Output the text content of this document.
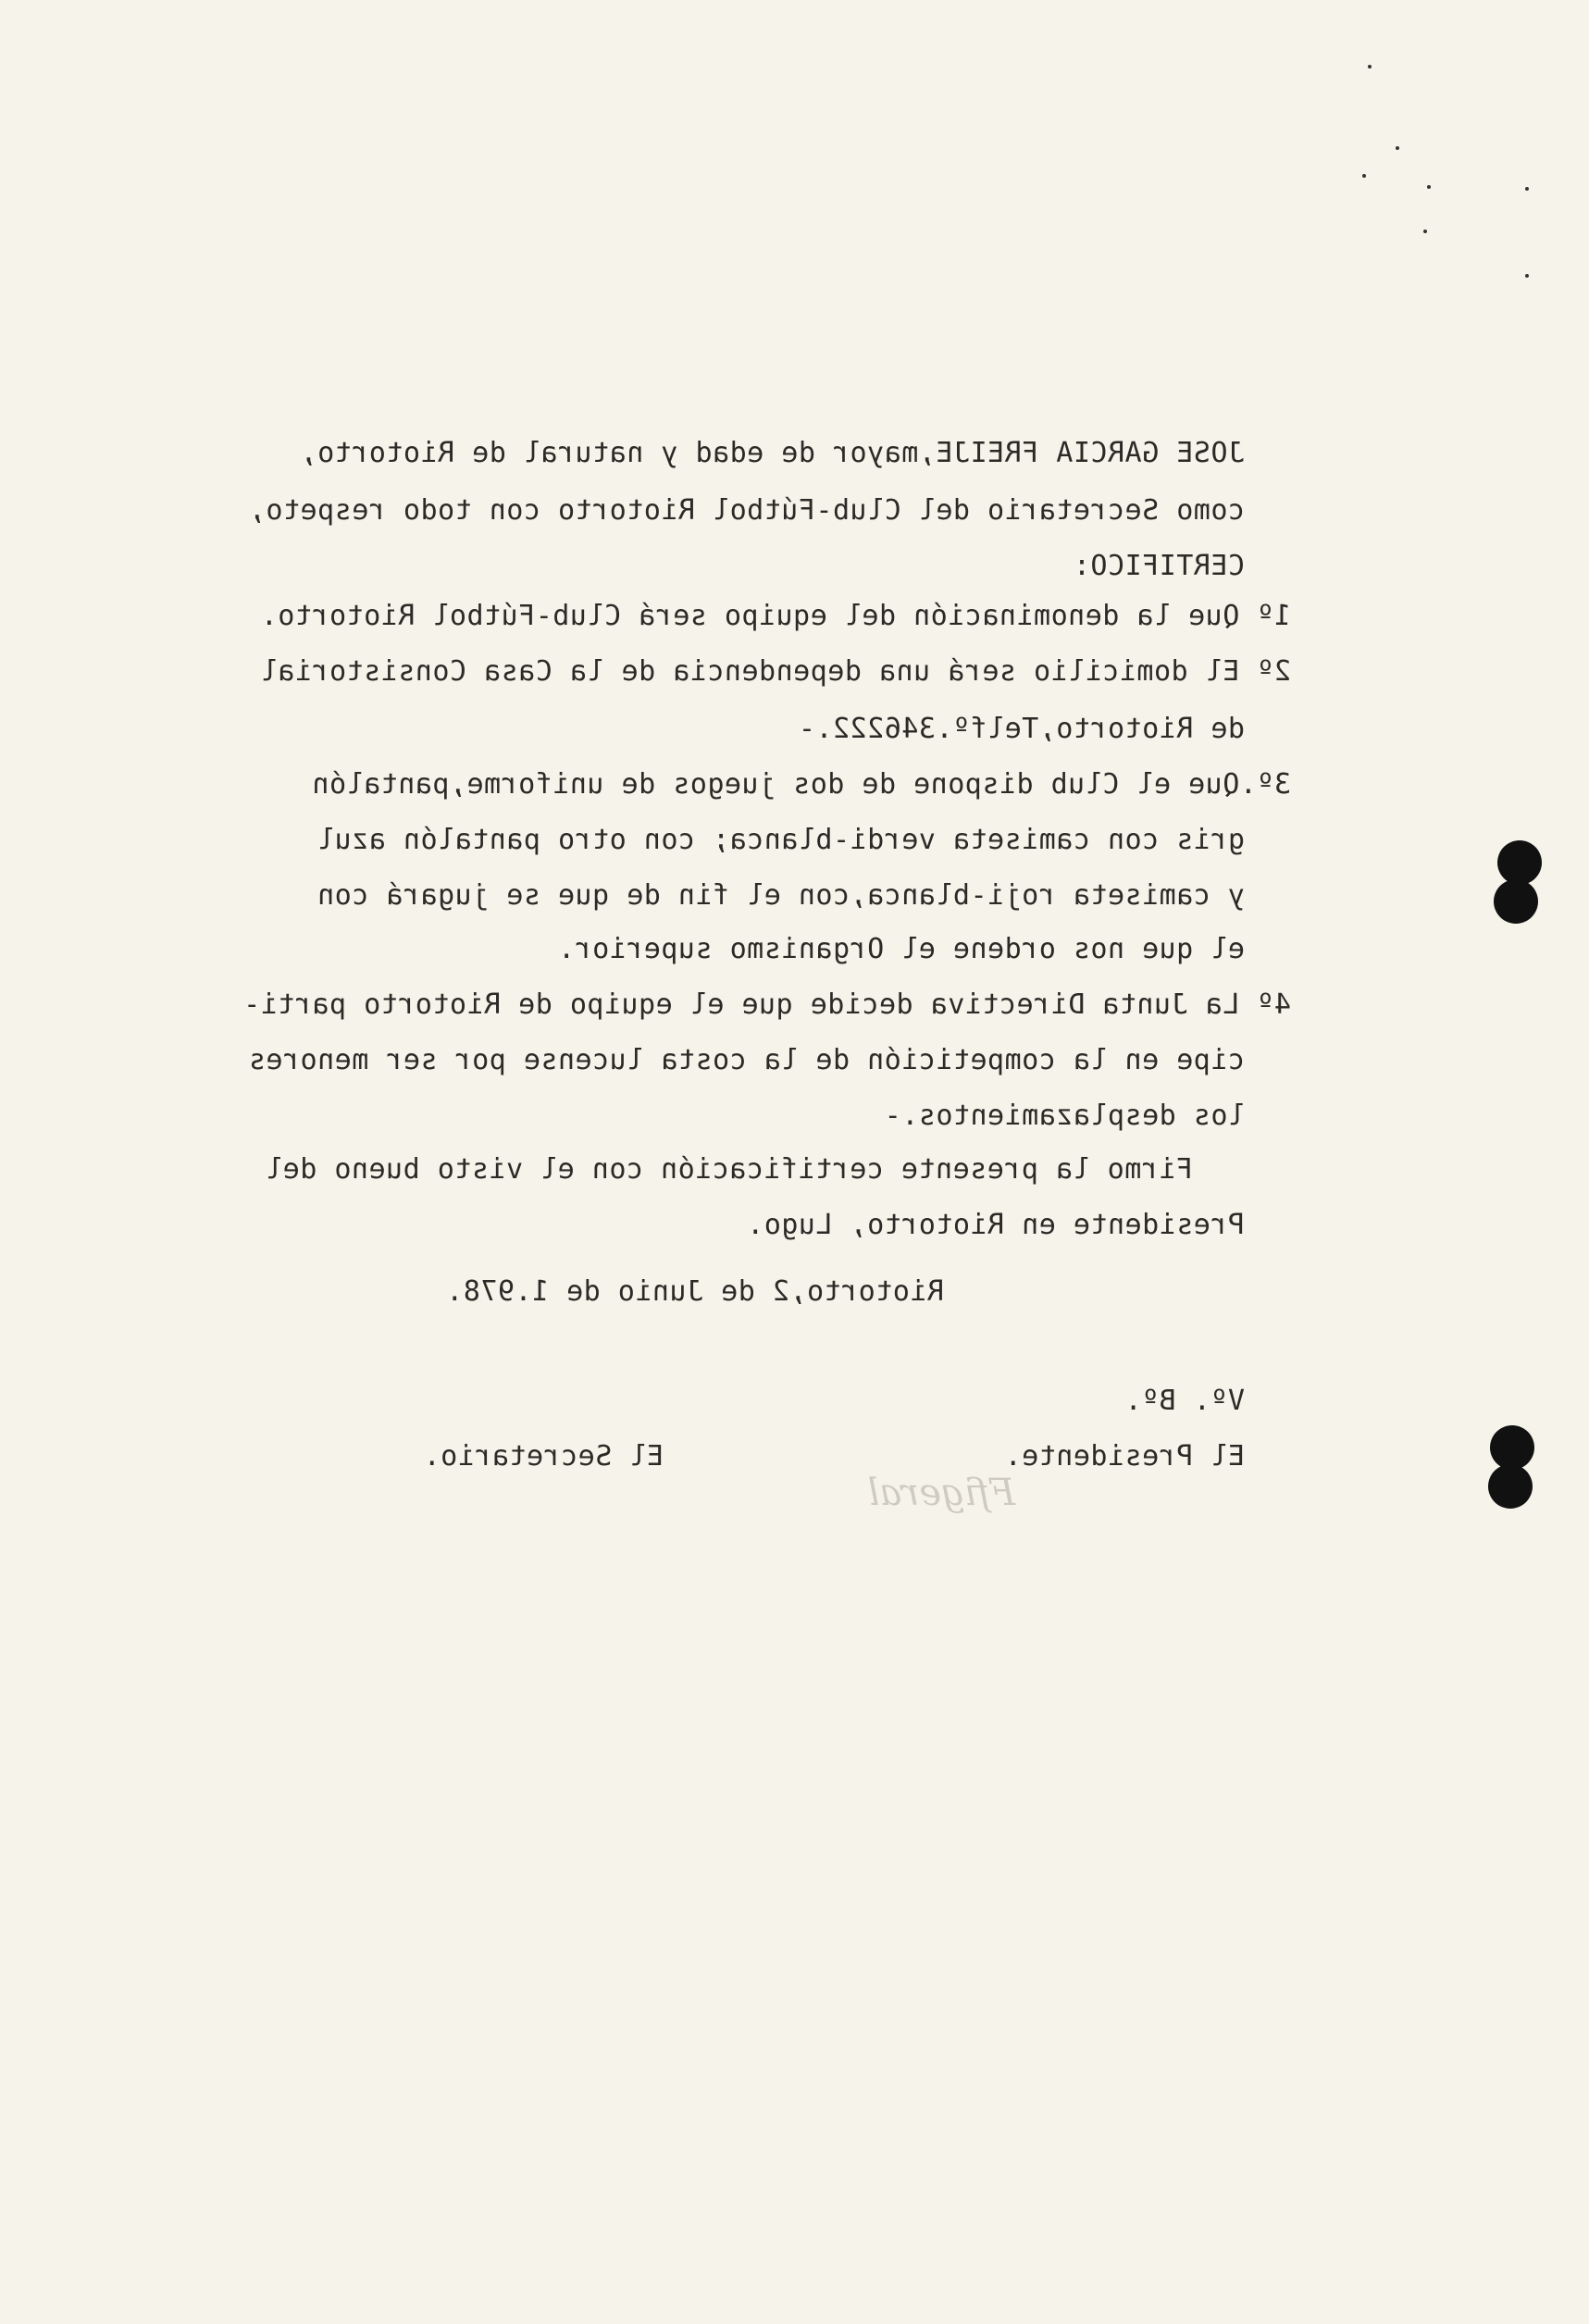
JOSE GARCIA FREIJE,mayor de edad y natural de Riotorto,
como Secretario del Club-Fútbol Riotorto con todo respeto,
CERTIFICO:
1º Que la denominación del equipo será Club-Fútbol Riotorto.
2º El domicilio será una dependencia de la Casa Consistorial
de Riotorto,Telfº.346222.-
3º.Que el Club dispone de dos juegos de uniforme,pantalón
gris con camiseta verdi-blanca; con otro pantalón azul
y camiseta roji-blanca,con el fin de que se jugará con
el que nos ordene el Organismo superior.
4º La Junta Directiva decide que el equipo de Riotorto parti-
cipe en la competición de la costa lucense por ser menores
los desplazamientos.-
Firmo la presente certificación con el visto bueno del
Presidente en Riotorto, Lugo.
Riotorto,2 de Junio de 1.978.
Vº. Bº.
El Presidente.
El Secretario.
Ffigeral
